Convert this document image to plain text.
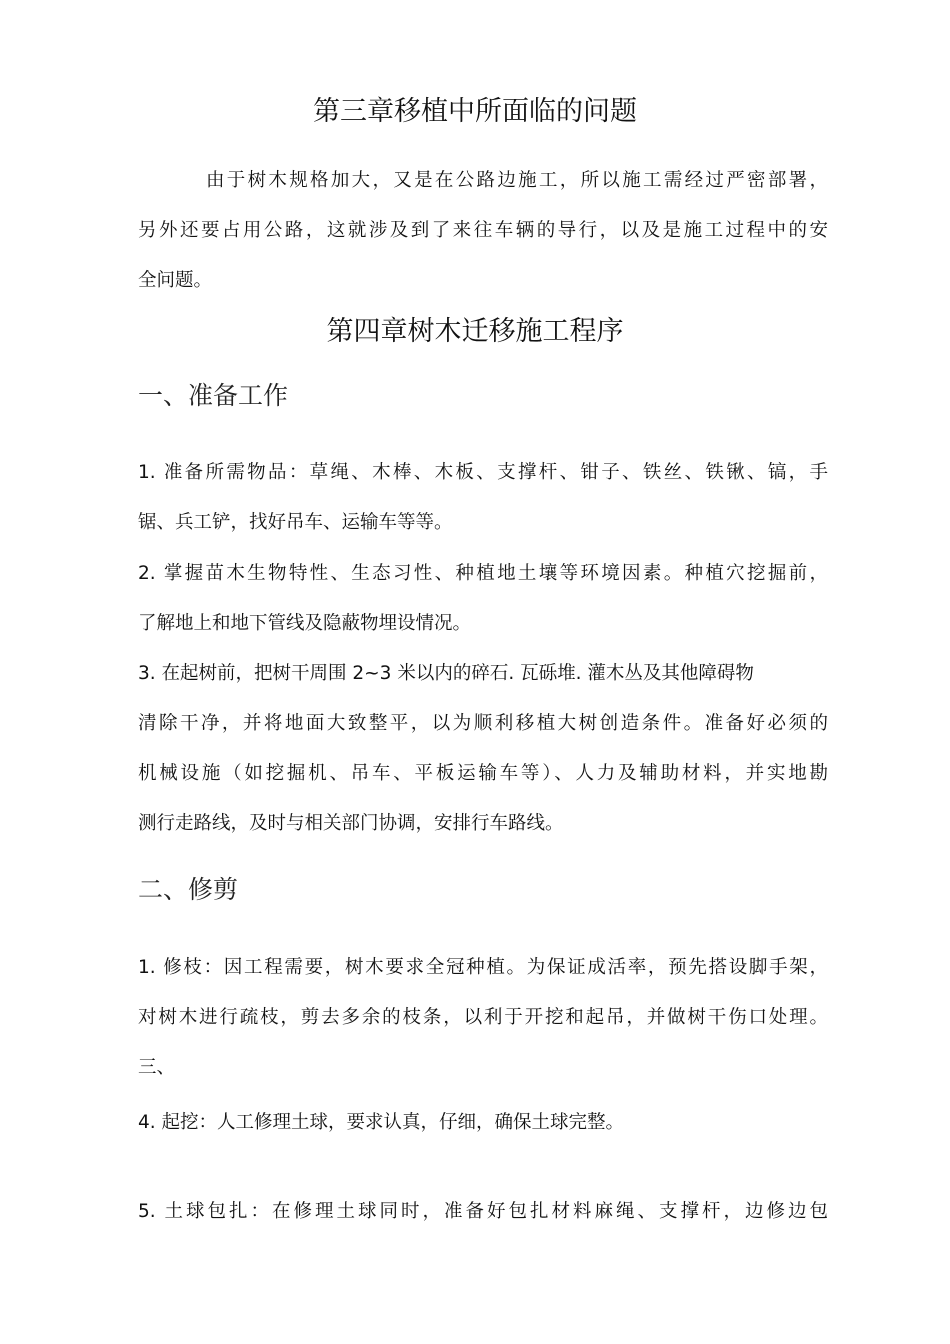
第三章移植中所面临的问题
由于树木规格加大，又是在公路边施工，所以施工需经过严密部署，
另外还要占用公路，这就涉及到了来往车辆的导行，以及是施工过程中的安
全问题。
第四章树木迁移施工程序
一、准备工作
1. 准备所需物品：草绳、木棒、木板、支撑杆、钳子、铁丝、铁锹、镐，手
锯、兵工铲，找好吊车、运输车等等。
2. 掌握苗木生物特性、生态习性、种植地土壤等环境因素。种植穴挖掘前，
了解地上和地下管线及隐蔽物埋设情况。
3. 在起树前，把树干周围 2~3 米以内的碎石. 瓦砾堆. 灌木丛及其他障碍物
清除干净，并将地面大致整平，以为顺利移植大树创造条件。准备好必须的
机械设施（如挖掘机、吊车、平板运输车等）、人力及辅助材料，并实地勘
测行走路线，及时与相关部门协调，安排行车路线。
二、修剪
1. 修枝：因工程需要，树木要求全冠种植。为保证成活率，预先搭设脚手架，
对树木进行疏枝，剪去多余的枝条，以利于开挖和起吊，并做树干伤口处理。
三、
4. 起挖：人工修理土球，要求认真，仔细，确保土球完整。
5. 土球包扎：在修理土球同时，准备好包扎材料麻绳、支撑杆，边修边包
